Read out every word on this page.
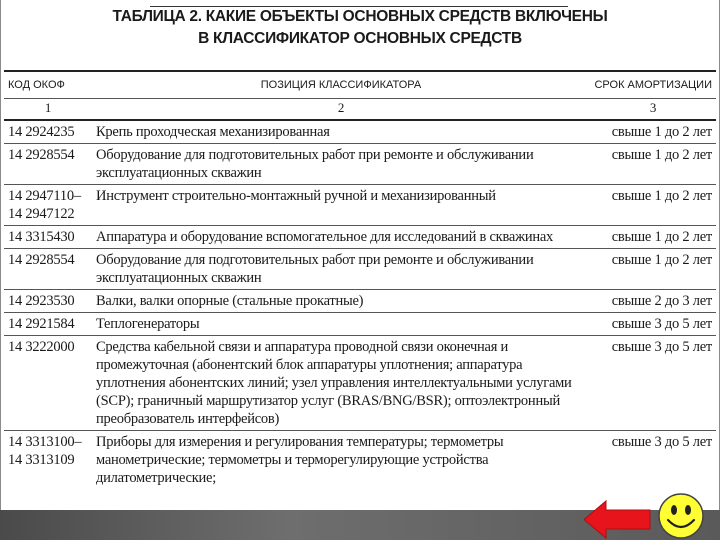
ТАБЛИЦА 2. КАКИЕ ОБЪЕКТЫ ОСНОВНЫХ СРЕДСТВ ВКЛЮЧЕНЫ
В КЛАССИФИКАТОР ОСНОВНЫХ СРЕДСТВ
КОД ОКОФ	ПОЗИЦИЯ КЛАССИФИКАТОРА	СРОК АМОРТИЗАЦИИ
1	2	3
14 2924235	Крепь проходческая механизированная	свыше 1 до 2 лет
14 2928554	Оборудование для подготовительных работ при ремонте и обслуживании эксплуатационных скважин	свыше 1 до 2 лет
14 2947110–
14 2947122	Инструмент строительно-монтажный ручной и механизированный	свыше 1 до 2 лет
14 3315430	Аппаратура и оборудование вспомогательное для исследований в скважинах	свыше 1 до 2 лет
14 2928554	Оборудование для подготовительных работ при ремонте и обслуживании эксплуатационных скважин	свыше 1 до 2 лет
14 2923530	Валки, валки опорные (стальные прокатные)	свыше 2 до 3 лет
14 2921584	Теплогенераторы	свыше 3 до 5 лет
14 3222000	Средства кабельной связи и аппаратура проводной связи оконечная и промежуточная (абонентский блок аппаратуры уплотнения; аппаратура уплотнения абонентских линий; узел управления интеллектуальными услугами (SCP); граничный маршрутизатор услуг (BRAS/BNG/BSR); оптоэлектронный преобразователь интерфейсов)	свыше 3 до 5 лет
14 3313100–
14 3313109	Приборы для измерения и регулирования температуры; термометры манометрические; термометры и терморегулирующие устройства дилатометрические;	свыше 3 до 5 лет
